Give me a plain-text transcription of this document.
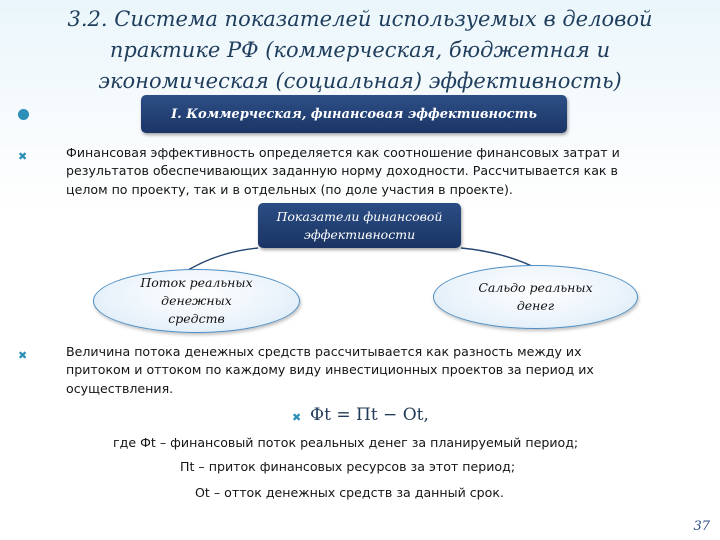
3.2. Система показателей используемых в деловой
практике РФ (коммерческая, бюджетная и
экономическая (социальная) эффективность)
I. Коммерческая, финансовая эффективность
✖	Финансовая эффективность определяется как соотношение финансовых затрат и
результатов обеспечивающих заданную норму доходности. Рассчитывается как в
целом по проекту, так и в отдельных (по доле участия в проекте).
Показатели финансовой
эффективности
Поток реальных
денежных
средств
Сальдо реальных
денег
✖	Величина потока денежных средств рассчитывается как разность между их
притоком и оттоком по каждому виду инвестиционных проектов за период их
осуществления.
✖ Фt = Пt − Оt,
где Фt – финансовый поток реальных денег за планируемый период;
Пt – приток финансовых ресурсов за этот период;
Оt – отток денежных средств за данный срок.
37
